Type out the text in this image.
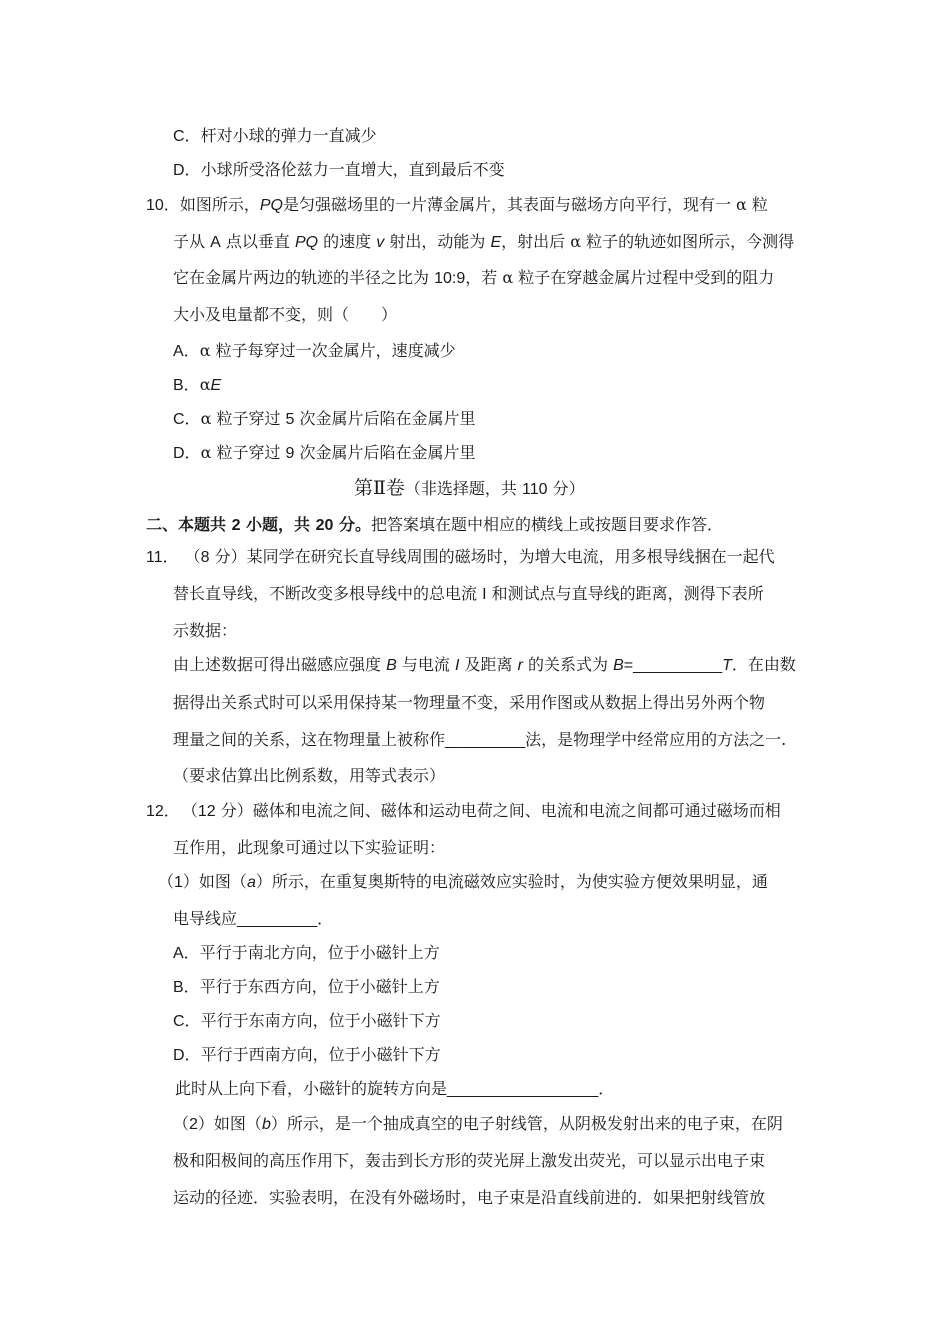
C．杆对小球的弹力一直减少
D．小球所受洛伦兹力一直增大，直到最后不变
10．如图所示，PQ是匀强磁场里的一片薄金属片，其表面与磁场方向平行，现有一 α 粒
子从 A 点以垂直 PQ 的速度 v 射出，动能为 E，射出后 α 粒子的轨迹如图所示，今测得
它在金属片两边的轨迹的半径之比为 10:9，若 α 粒子在穿越金属片过程中受到的阻力
大小及电量都不变，则（　　）
A．α 粒子每穿过一次金属片，速度减少
B．αE
C．α 粒子穿过 5 次金属片后陷在金属片里
D．α 粒子穿过 9 次金属片后陷在金属片里
第Ⅱ卷（非选择题，共 110 分）
二、本题共 2 小题，共 20 分。把答案填在题中相应的横线上或按题目要求作答．
11． （8 分）某同学在研究长直导线周围的磁场时，为增大电流，用多根导线捆在一起代
替长直导线，不断改变多根导线中的总电流 I 和测试点与直导线的距离，测得下表所
示数据：
由上述数据可得出磁感应强度 B 与电流 I 及距离 r 的关系式为 B=__________T．在由数
据得出关系式时可以采用保持某一物理量不变，采用作图或从数据上得出另外两个物
理量之间的关系，这在物理量上被称作_________法，是物理学中经常应用的方法之一.
（要求估算出比例系数，用等式表示）
12． （12 分）磁体和电流之间、磁体和运动电荷之间、电流和电流之间都可通过磁场而相
互作用，此现象可通过以下实验证明：
（1）如图（a）所示，在重复奥斯特的电流磁效应实验时，为使实验方便效果明显，通
电导线应_________．
A．平行于南北方向，位于小磁针上方
B．平行于东西方向，位于小磁针上方
C．平行于东南方向，位于小磁针下方
D．平行于西南方向，位于小磁针下方
此时从上向下看，小磁针的旋转方向是_________________．
（2）如图（b）所示，是一个抽成真空的电子射线管，从阴极发射出来的电子束，在阴
极和阳极间的高压作用下，轰击到长方形的荧光屏上激发出荧光，可以显示出电子束
运动的径迹．实验表明，在没有外磁场时，电子束是沿直线前进的．如果把射线管放
